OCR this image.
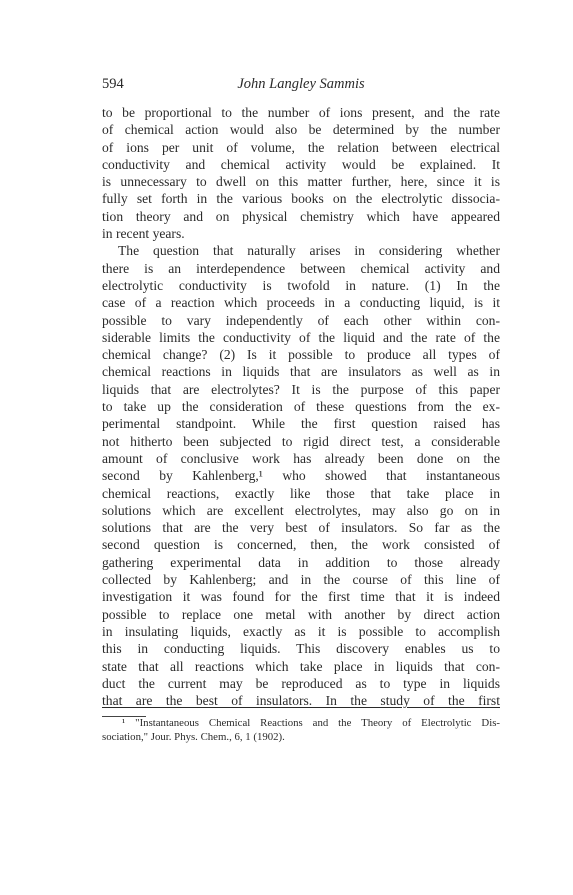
594	John Langley Sammis
to be proportional to the number of ions present, and the rate
of chemical action would also be determined by the number
of ions per unit of volume, the relation between electrical
conductivity and chemical activity would be explained. It
is unnecessary to dwell on this matter further, here, since it is
fully set forth in the various books on the electrolytic dissocia-
tion theory and on physical chemistry which have appeared
in recent years.
The question that naturally arises in considering whether
there is an interdependence between chemical activity and
electrolytic conductivity is twofold in nature. (1) In the
case of a reaction which proceeds in a conducting liquid, is it
possible to vary independently of each other within con-
siderable limits the conductivity of the liquid and the rate of the
chemical change? (2) Is it possible to produce all types of
chemical reactions in liquids that are insulators as well as in
liquids that are electrolytes? It is the purpose of this paper
to take up the consideration of these questions from the ex-
perimental standpoint. While the first question raised has
not hitherto been subjected to rigid direct test, a considerable
amount of conclusive work has already been done on the
second by Kahlenberg,¹ who showed that instantaneous
chemical reactions, exactly like those that take place in
solutions which are excellent electrolytes, may also go on in
solutions that are the very best of insulators. So far as the
second question is concerned, then, the work consisted of
gathering experimental data in addition to those already
collected by Kahlenberg; and in the course of this line of
investigation it was found for the first time that it is indeed
possible to replace one metal with another by direct action
in insulating liquids, exactly as it is possible to accomplish
this in conducting liquids. This discovery enables us to
state that all reactions which take place in liquids that con-
duct the current may be reproduced as to type in liquids
that are the best of insulators. In the study of the first
¹ "Instantaneous Chemical Reactions and the Theory of Electrolytic Dis-
sociation," Jour. Phys. Chem., 6, 1 (1902).
